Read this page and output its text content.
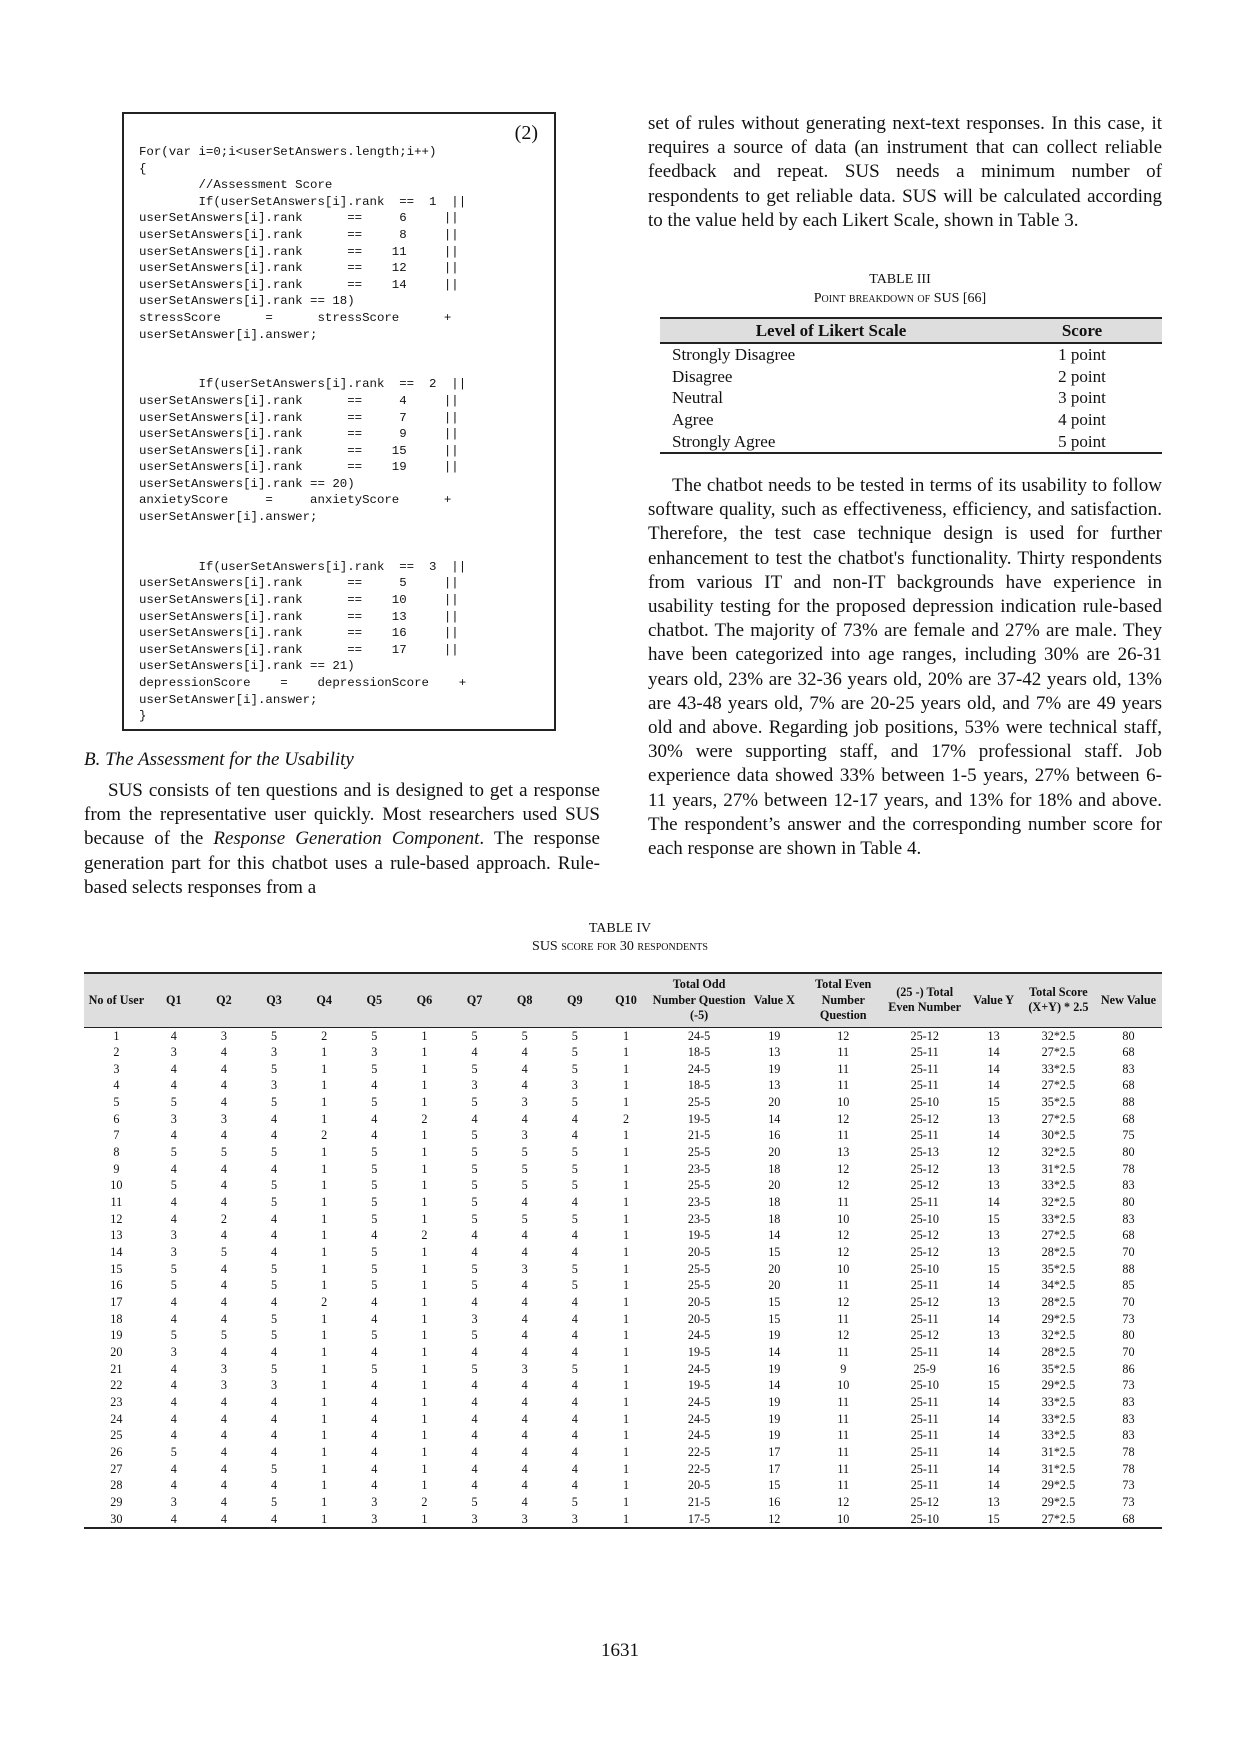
(2)
For(var i=0;i<userSetAnswers.length;i++)
{
//Assessment Score
If(userSetAnswers[i].rank  ==  1  ||
userSetAnswers[i].rank      ==     6     ||
userSetAnswers[i].rank      ==     8     ||
userSetAnswers[i].rank      ==    11     ||
userSetAnswers[i].rank      ==    12     ||
userSetAnswers[i].rank      ==    14     ||
userSetAnswers[i].rank == 18)
stressScore      =      stressScore      +
userSetAnswer[i].answer;

If(userSetAnswers[i].rank  ==  2  ||
userSetAnswers[i].rank      ==     4     ||
userSetAnswers[i].rank      ==     7     ||
userSetAnswers[i].rank      ==     9     ||
userSetAnswers[i].rank      ==    15     ||
userSetAnswers[i].rank      ==    19     ||
userSetAnswers[i].rank == 20)
anxietyScore     =     anxietyScore      +
userSetAnswer[i].answer;

If(userSetAnswers[i].rank  ==  3  ||
userSetAnswers[i].rank      ==     5     ||
userSetAnswers[i].rank      ==    10     ||
userSetAnswers[i].rank      ==    13     ||
userSetAnswers[i].rank      ==    16     ||
userSetAnswers[i].rank      ==    17     ||
userSetAnswers[i].rank == 21)
depressionScore    =    depressionScore    +
userSetAnswer[i].answer;
}
B. The Assessment for the Usability

SUS consists of ten questions and is designed to get a response from the representative user quickly. Most researchers used SUS because of the Response Generation Component. The response generation part for this chatbot uses a rule-based approach. Rule-based selects responses from a

set of rules without generating next-text responses. In this case, it requires a source of data (an instrument that can collect reliable feedback and repeat. SUS needs a minimum number of respondents to get reliable data. SUS will be calculated according to the value held by each Likert Scale, shown in Table 3.

TABLE III
Point breakdown of SUS [66]
Level of Likert Scale	Score
Strongly Disagree	1 point
Disagree	2 point
Neutral	3 point
Agree	4 point
Strongly Agree	5 point

The chatbot needs to be tested in terms of its usability to follow software quality, such as effectiveness, efficiency, and satisfaction. Therefore, the test case technique design is used for further enhancement to test the chatbot's functionality. Thirty respondents from various IT and non-IT backgrounds have experience in usability testing for the proposed depression indication rule-based chatbot. The majority of 73% are female and 27% are male. They have been categorized into age ranges, including 30% are 26-31 years old, 23% are 32-36 years old, 20% are 37-42 years old, 13% are 43-48 years old, 7% are 20-25 years old, and 7% are 49 years old and above. Regarding job positions, 53% were technical staff, 30% were supporting staff, and 17% professional staff. Job experience data showed 33% between 1-5 years, 27% between 6-11 years, 27% between 12-17 years, and 13% for 18% and above. The respondent’s answer and the corresponding number score for each response are shown in Table 4.

TABLE IV
SUS score for 30 respondents
No of User	Q1	Q2	Q3	Q4	Q5	Q6	Q7	Q8	Q9	Q10	Total Odd Number Question (-5)	Value X	Total Even Number Question	(25 -) Total Even Number	Value Y	Total Score (X+Y) * 2.5	New Value
1	4	3	5	2	5	1	5	5	5	1	24-5	19	12	25-12	13	32*2.5	80
2	3	4	3	1	3	1	4	4	5	1	18-5	13	11	25-11	14	27*2.5	68
3	4	4	5	1	5	1	5	4	5	1	24-5	19	11	25-11	14	33*2.5	83
4	4	4	3	1	4	1	3	4	3	1	18-5	13	11	25-11	14	27*2.5	68
5	5	4	5	1	5	1	5	3	5	1	25-5	20	10	25-10	15	35*2.5	88
6	3	3	4	1	4	2	4	4	4	2	19-5	14	12	25-12	13	27*2.5	68
7	4	4	4	2	4	1	5	3	4	1	21-5	16	11	25-11	14	30*2.5	75
8	5	5	5	1	5	1	5	5	5	1	25-5	20	13	25-13	12	32*2.5	80
9	4	4	4	1	5	1	5	5	5	1	23-5	18	12	25-12	13	31*2.5	78
10	5	4	5	1	5	1	5	5	5	1	25-5	20	12	25-12	13	33*2.5	83
11	4	4	5	1	5	1	5	4	4	1	23-5	18	11	25-11	14	32*2.5	80
12	4	2	4	1	5	1	5	5	5	1	23-5	18	10	25-10	15	33*2.5	83
13	3	4	4	1	4	2	4	4	4	1	19-5	14	12	25-12	13	27*2.5	68
14	3	5	4	1	5	1	4	4	4	1	20-5	15	12	25-12	13	28*2.5	70
15	5	4	5	1	5	1	5	3	5	1	25-5	20	10	25-10	15	35*2.5	88
16	5	4	5	1	5	1	5	4	5	1	25-5	20	11	25-11	14	34*2.5	85
17	4	4	4	2	4	1	4	4	4	1	20-5	15	12	25-12	13	28*2.5	70
18	4	4	5	1	4	1	3	4	4	1	20-5	15	11	25-11	14	29*2.5	73
19	5	5	5	1	5	1	5	4	4	1	24-5	19	12	25-12	13	32*2.5	80
20	3	4	4	1	4	1	4	4	4	1	19-5	14	11	25-11	14	28*2.5	70
21	4	3	5	1	5	1	5	3	5	1	24-5	19	9	25-9	16	35*2.5	86
22	4	3	3	1	4	1	4	4	4	1	19-5	14	10	25-10	15	29*2.5	73
23	4	4	4	1	4	1	4	4	4	1	24-5	19	11	25-11	14	33*2.5	83
24	4	4	4	1	4	1	4	4	4	1	24-5	19	11	25-11	14	33*2.5	83
25	4	4	4	1	4	1	4	4	4	1	24-5	19	11	25-11	14	33*2.5	83
26	5	4	4	1	4	1	4	4	4	1	22-5	17	11	25-11	14	31*2.5	78
27	4	4	5	1	4	1	4	4	4	1	22-5	17	11	25-11	14	31*2.5	78
28	4	4	4	1	4	1	4	4	4	1	20-5	15	11	25-11	14	29*2.5	73
29	3	4	5	1	3	2	5	4	5	1	21-5	16	12	25-12	13	29*2.5	73
30	4	4	4	1	3	1	3	3	3	1	17-5	12	10	25-10	15	27*2.5	68
1631
